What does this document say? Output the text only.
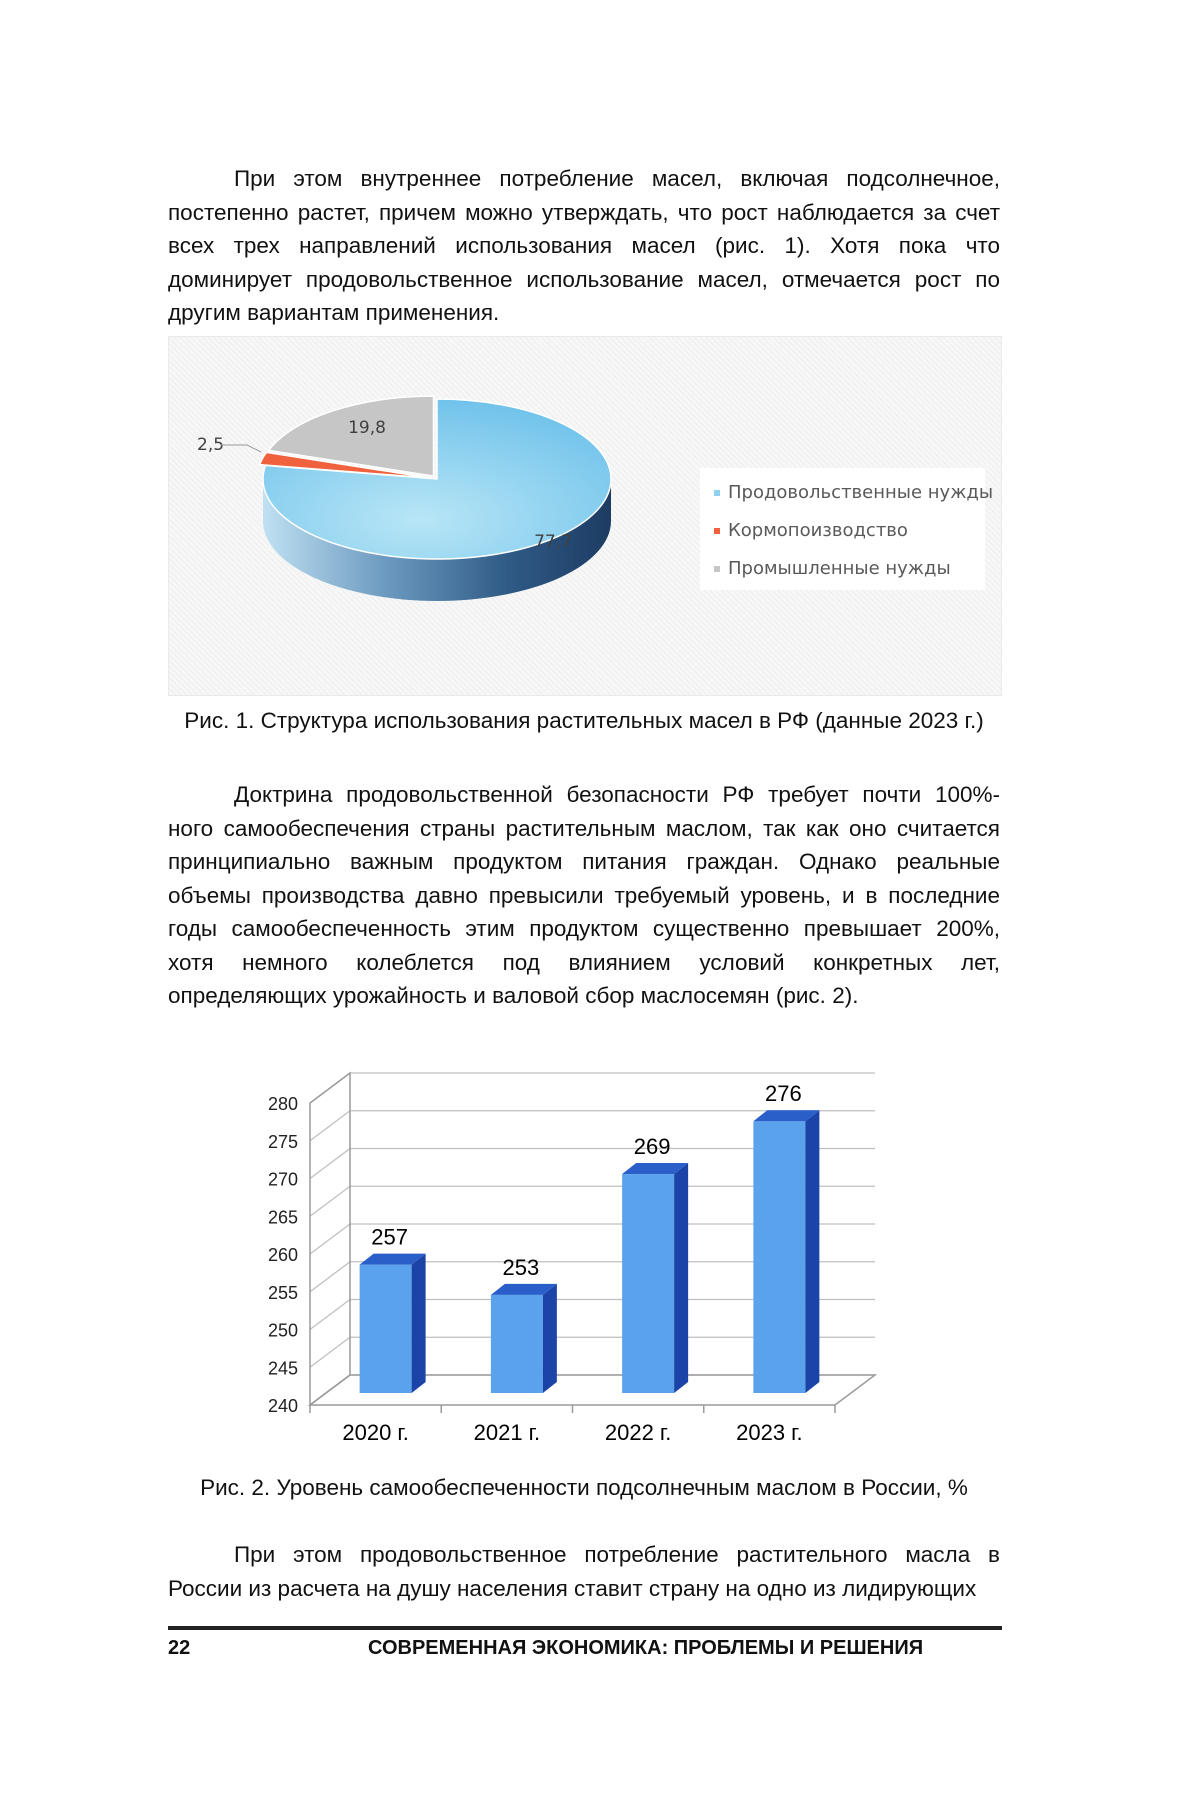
При этом внутреннее потребление масел, включая подсолнечное, постепенно растет, причем можно утверждать, что рост наблюдается за счет всех трех направлений использования масел (рис. 1). Хотя пока что доминирует продовольственное использование масел, отмечается рост по другим вариантам применения.

77,7
2,5
19,8
Продовольственные нужды
Кормопоизводство
Промышленные нужды

Рис. 1. Структура использования растительных масел в РФ (данные 2023 г.)

Доктрина продовольственной безопасности РФ требует почти 100%-ного самообеспечения страны растительным маслом, так как оно считается принципиально важным продуктом питания граждан. Однако реальные объемы производства давно превысили требуемый уровень, и в последние годы самообеспеченность этим продуктом существенно превышает 200%, хотя немного колеблется под влиянием условий конкретных лет, определяющих урожайность и валовой сбор маслосемян (рис. 2).

240
245
250
255
260
265
270
275
280
257
2020 г.
253
2021 г.
269
2022 г.
276
2023 г.

Рис. 2. Уровень самообеспеченности подсолнечным маслом в России, %

При этом продовольственное потребление растительного масла в России из расчета на душу населения ставит страну на одно из лидирующих

22	СОВРЕМЕННАЯ ЭКОНОМИКА: ПРОБЛЕМЫ И РЕШЕНИЯ
